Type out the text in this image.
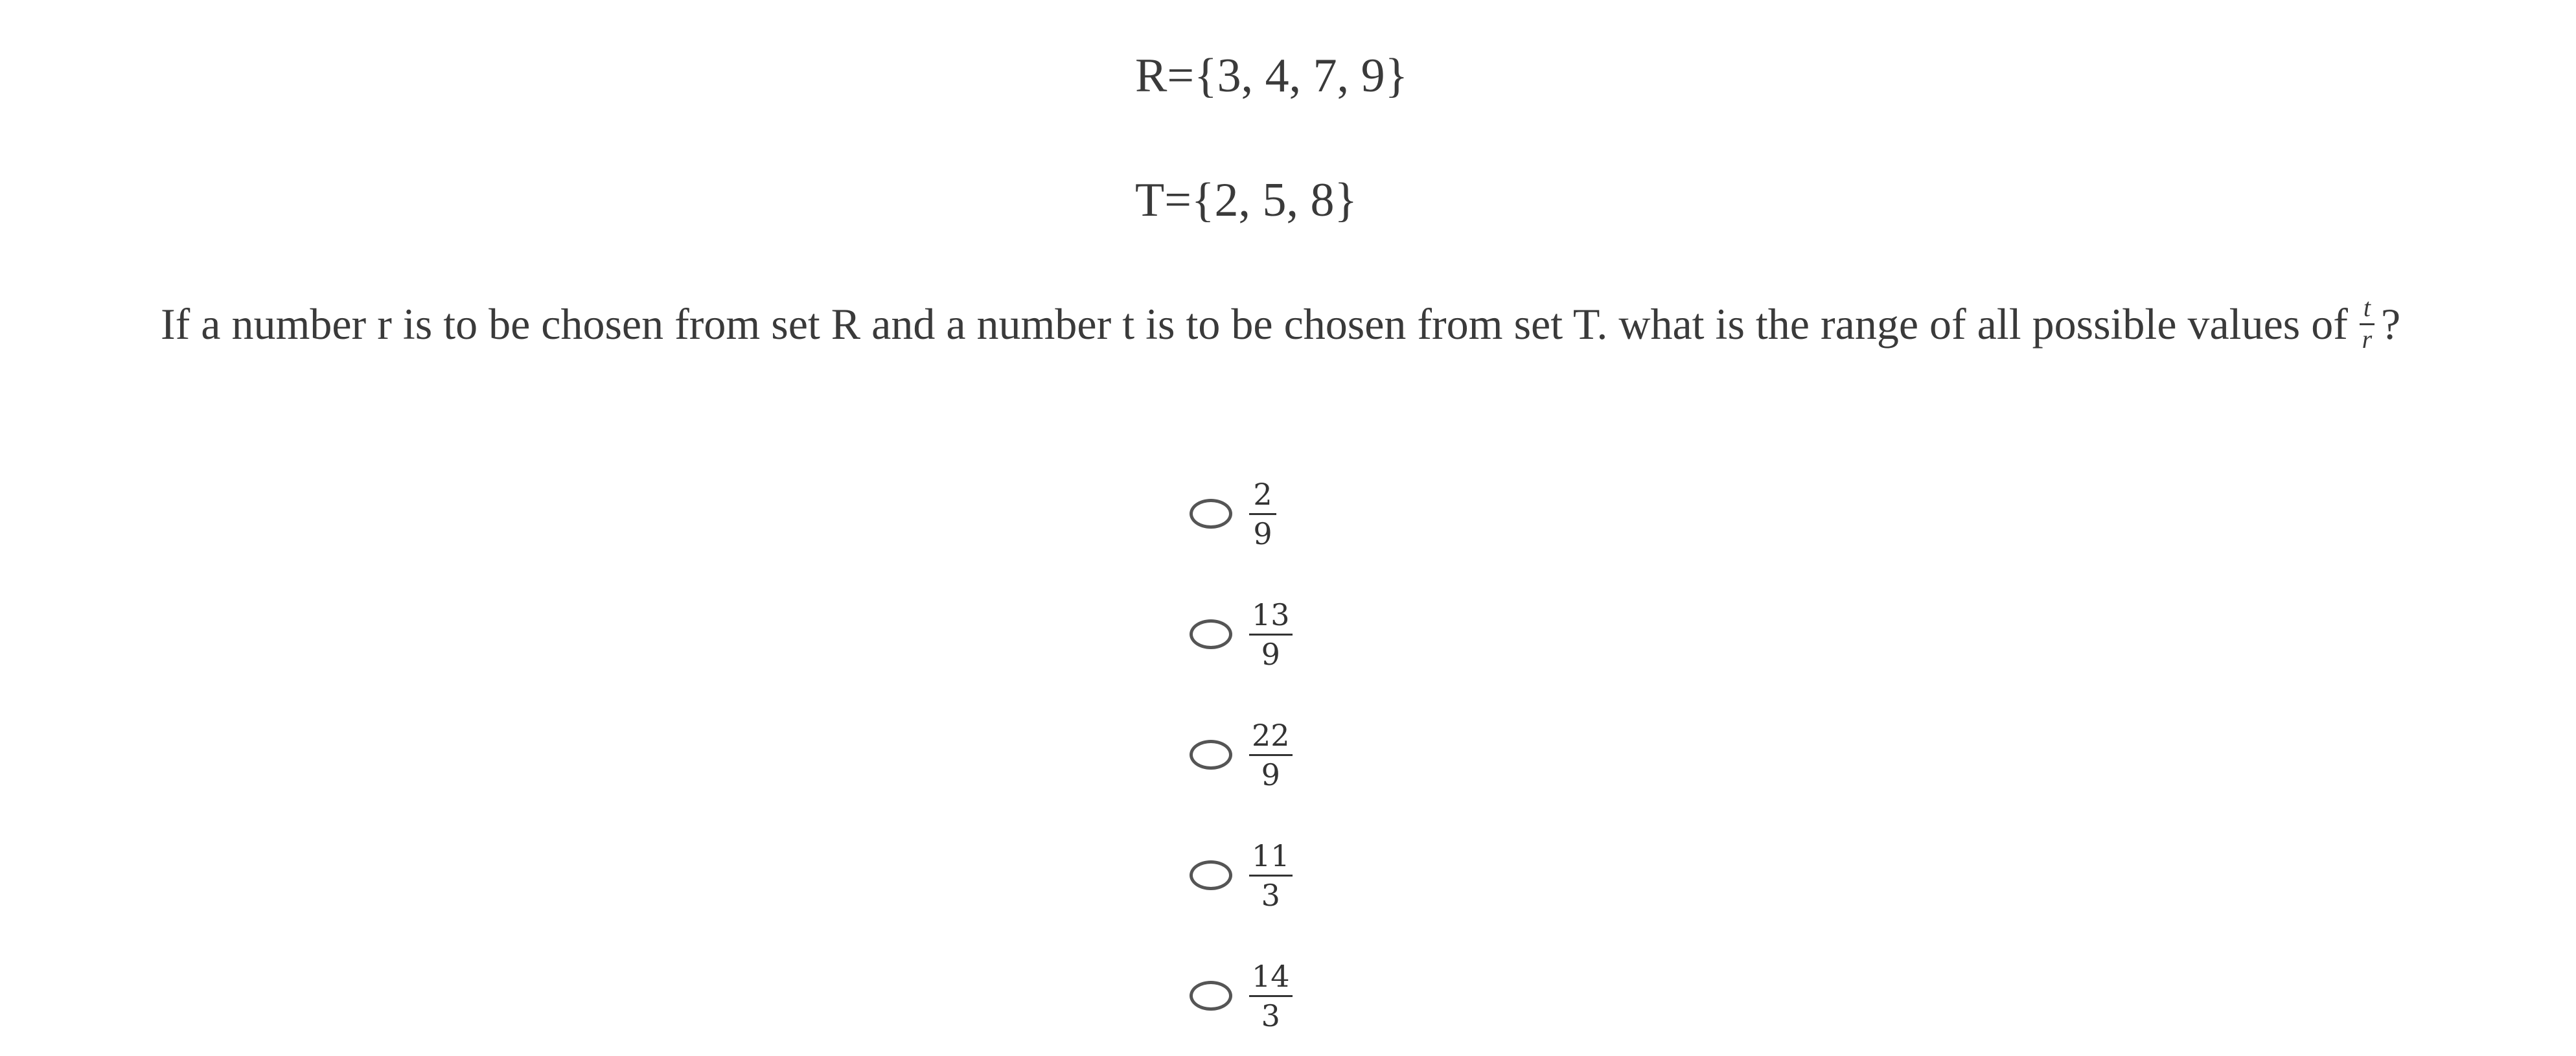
R={3, 4, 7, 9}
T={2, 5, 8}
If a number r is to be chosen from set R and a number t is to be chosen from set T. what is the range of all possible values of $\frac{t}{r}$ ?
$\frac{2}{9}$
$\frac{13}{9}$
$\frac{22}{9}$
$\frac{11}{3}$
$\frac{14}{3}$
